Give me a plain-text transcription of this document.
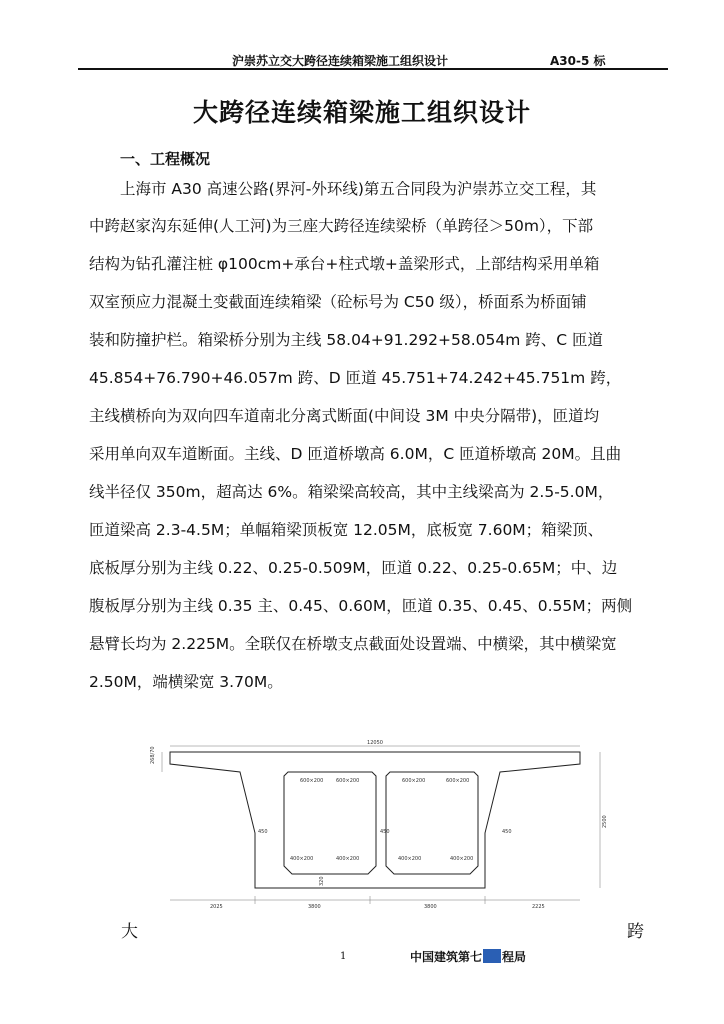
沪崇苏立交大跨径连续箱梁施工组织设计	A30-5 标
大跨径连续箱梁施工组织设计
一、工程概况
　　上海市 A30 高速公路(界河-外环线)第五合同段为沪崇苏立交工程，其
中跨赵家沟东延伸(人工河)为三座大跨径连续梁桥（单跨径＞50m），下部
结构为钻孔灌注桩 φ100cm+承台+柱式墩+盖梁形式，上部结构采用单箱
双室预应力混凝土变截面连续箱梁（砼标号为 C50 级），桥面系为桥面铺
装和防撞护栏。箱梁桥分别为主线 58.04+91.292+58.054m 跨、C 匝道
45.854+76.790+46.057m 跨、D 匝道 45.751+74.242+45.751m 跨，
主线横桥向为双向四车道南北分离式断面(中间设 3M 中央分隔带)，匝道均
采用单向双车道断面。主线、D 匝道桥墩高 6.0M，C 匝道桥墩高 20M。且曲
线半径仅 350m，超高达 6%。箱梁梁高较高，其中主线梁高为 2.5-5.0M，
匝道梁高 2.3-4.5M；单幅箱梁顶板宽 12.05M，底板宽 7.60M；箱梁顶、
底板厚分别为主线 0.22、0.25-0.509M，匝道 0.22、0.25-0.65M；中、边
腹板厚分别为主线 0.35 主、0.45、0.60M，匝道 0.35、0.45、0.55M；两侧
悬臂长均为 2.225M。全联仅在桥墩支点截面处设置端、中横梁，其中横梁宽
2.50M，端横梁宽 3.70M。
12050
268/70
2500
600×200	600×200	600×200	600×200
450	450	450
400×200	400×200	400×200	400×200
320
2025	3800	3800	2225
大	跨
1	中国建筑第七 程局
